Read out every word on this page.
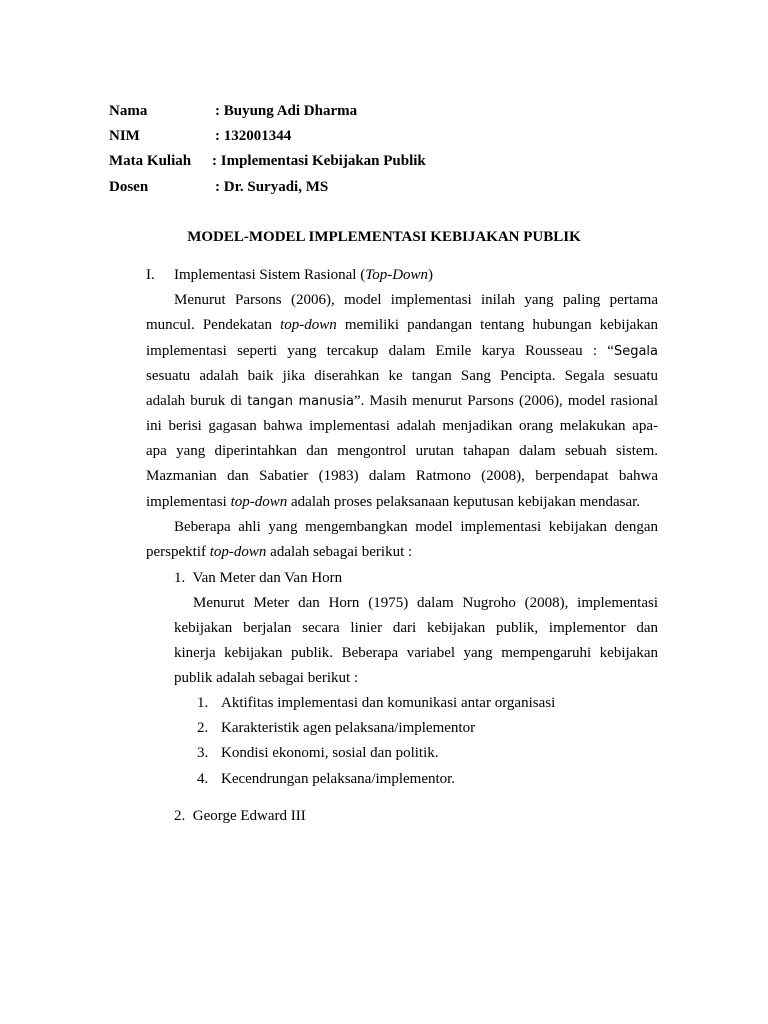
Nama	: Buyung Adi Dharma
NIM	: 132001344
Mata Kuliah : Implementasi Kebijakan Publik
Dosen	: Dr. Suryadi, MS
MODEL-MODEL IMPLEMENTASI KEBIJAKAN PUBLIK
I. Implementasi Sistem Rasional (Top-Down)
Menurut Parsons (2006), model implementasi inilah yang paling pertama
muncul. Pendekatan top-down memiliki pandangan tentang hubungan kebijakan
implementasi seperti yang tercakup dalam Emile karya Rousseau : “Segala
sesuatu adalah baik jika diserahkan ke tangan Sang Pencipta. Segala sesuatu
adalah buruk di tangan manusia”. Masih menurut Parsons (2006), model rasional
ini berisi gagasan bahwa implementasi adalah menjadikan orang melakukan apa-
apa yang diperintahkan dan mengontrol urutan tahapan dalam sebuah sistem.
Mazmanian dan Sabatier (1983) dalam Ratmono (2008), berpendapat bahwa
implementasi top-down adalah proses pelaksanaan keputusan kebijakan mendasar.
Beberapa ahli yang mengembangkan model implementasi kebijakan dengan
perspektif top-down adalah sebagai berikut :
1.  Van Meter dan Van Horn
Menurut Meter dan Horn (1975) dalam Nugroho (2008), implementasi
kebijakan berjalan secara linier dari kebijakan publik, implementor dan
kinerja kebijakan publik. Beberapa variabel yang mempengaruhi kebijakan
publik adalah sebagai berikut :
1. Aktifitas implementasi dan komunikasi antar organisasi
2. Karakteristik agen pelaksana/implementor
3. Kondisi ekonomi, sosial dan politik.
4. Kecendrungan pelaksana/implementor.
2.  George Edward III
